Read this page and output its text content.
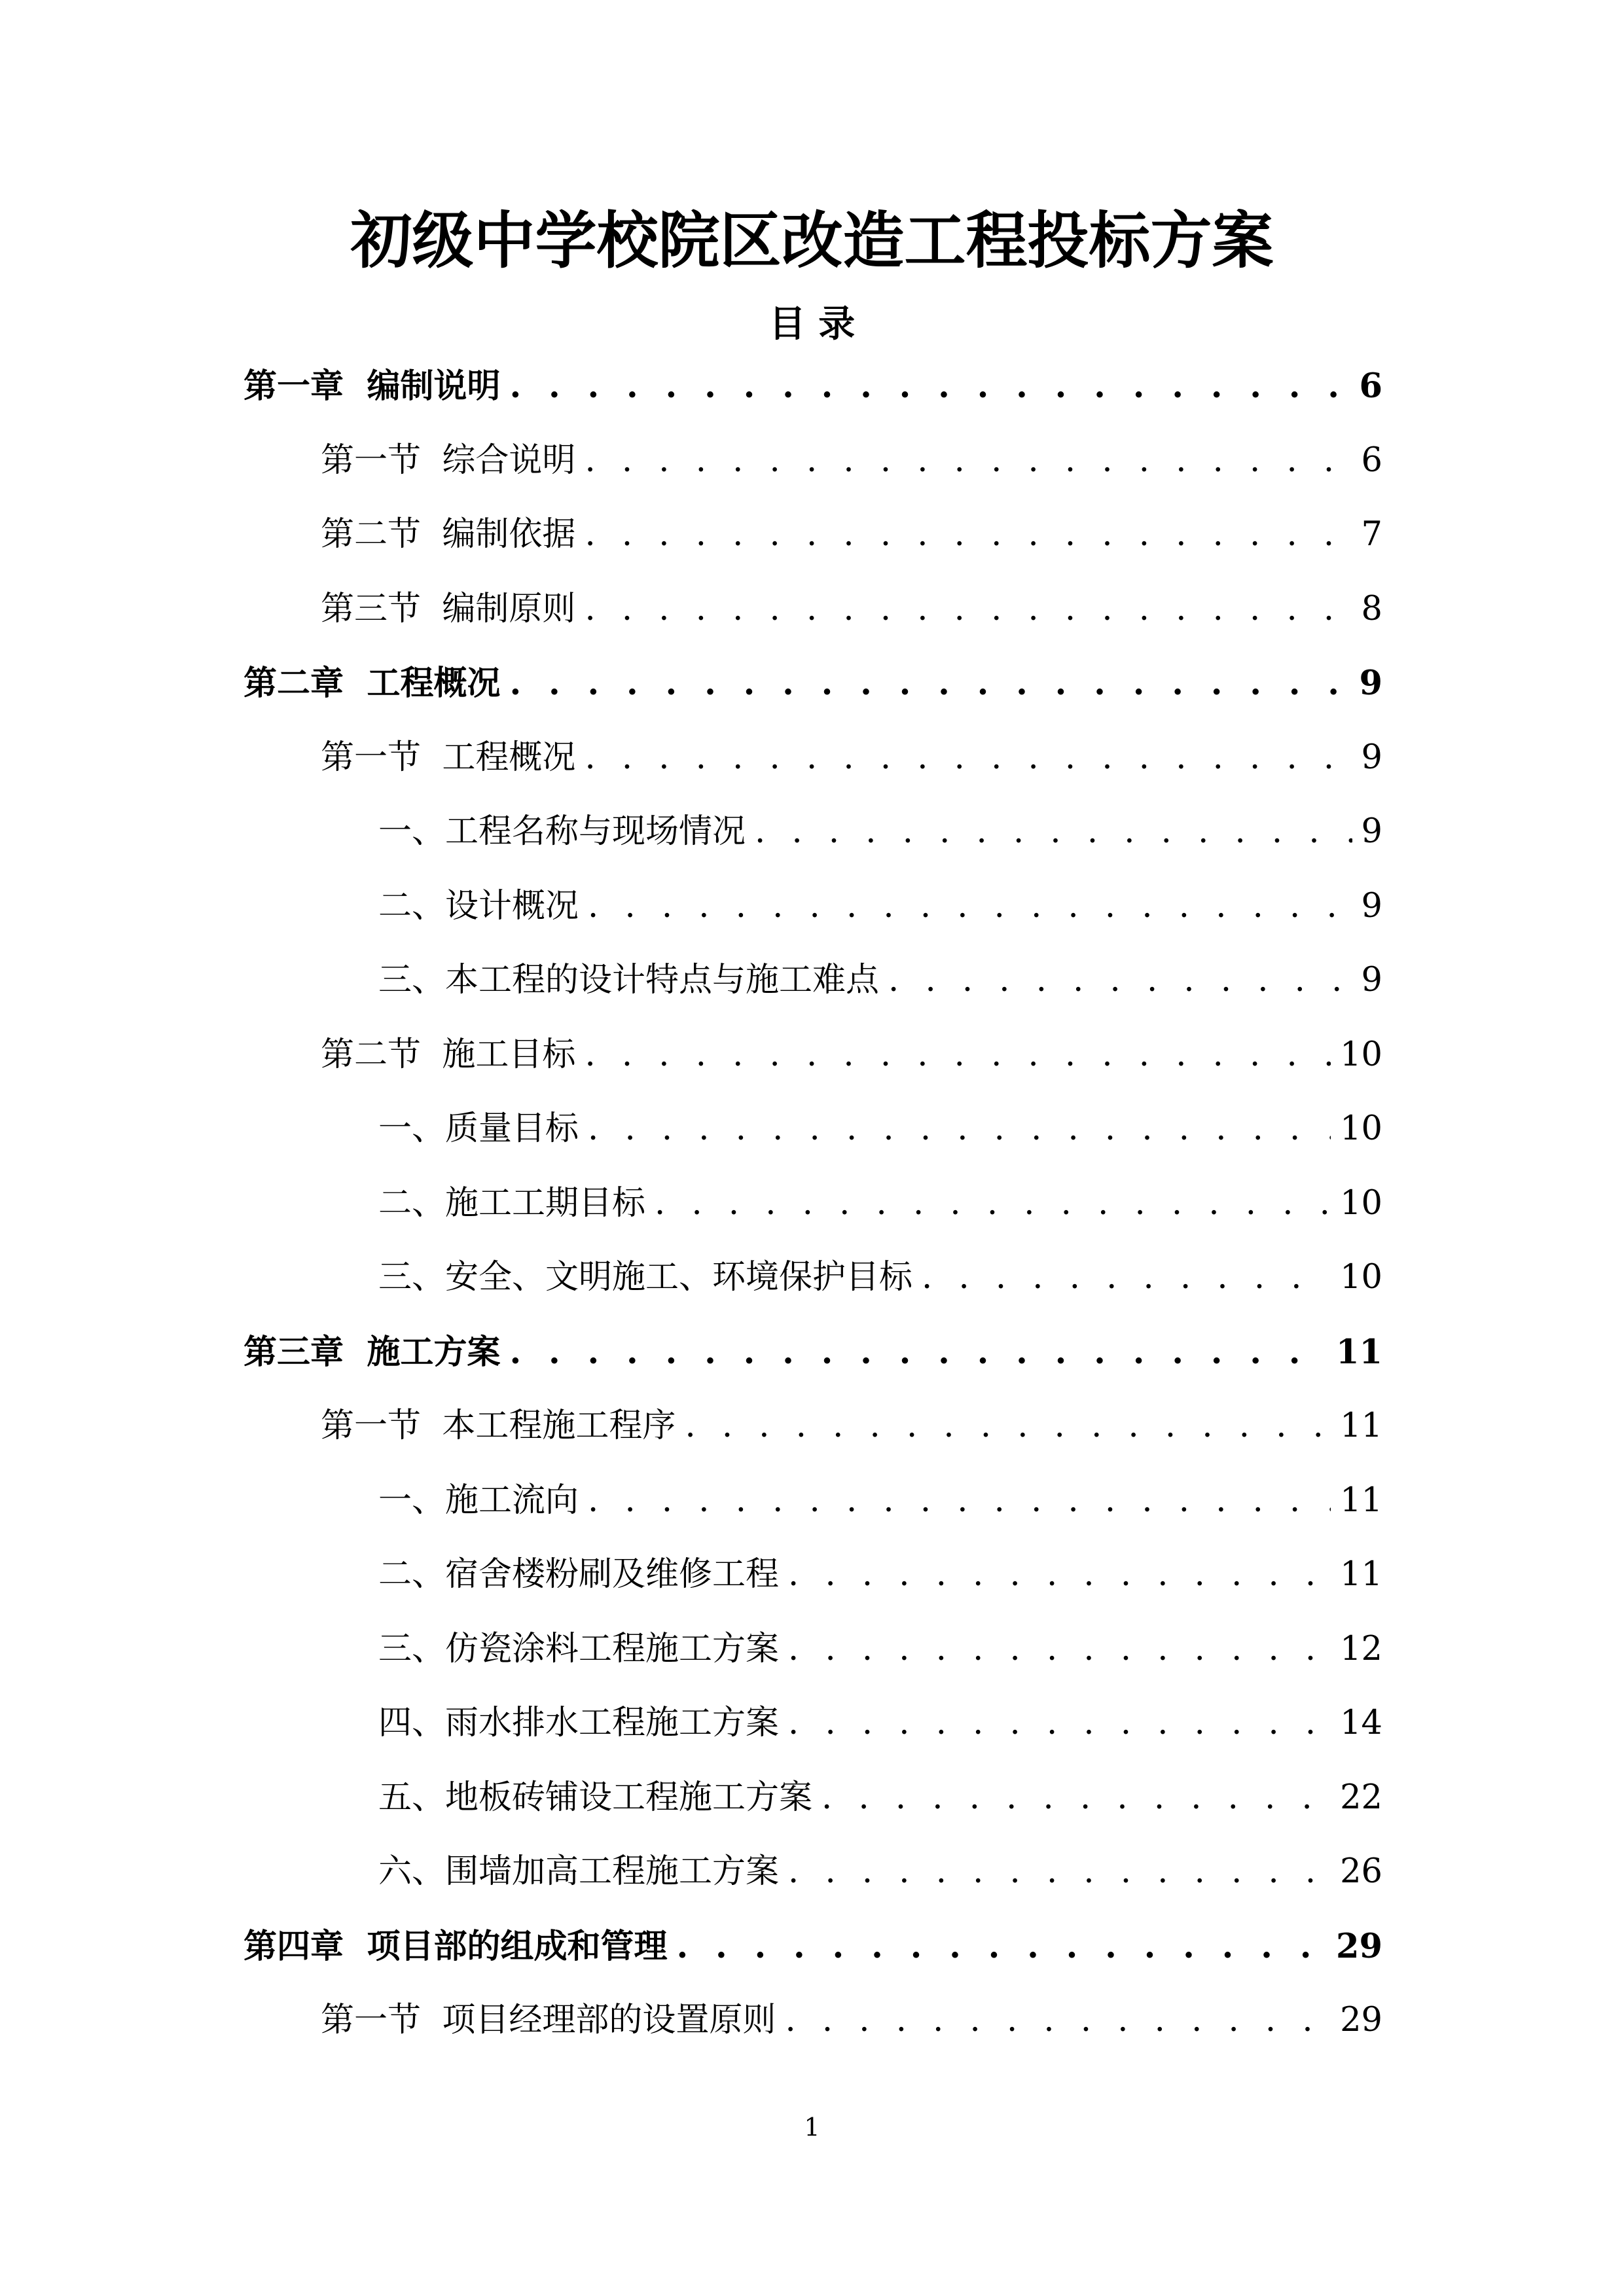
初级中学校院区改造工程投标方案
目 录
第一章  编制说明 . . .	6
第一节  综合说明 . . .	6
第二节  编制依据 . . .	7
第三节  编制原则 . . .	8
第二章  工程概况 . . .	9
第一节  工程概况 . . .	9
一、工程名称与现场情况 . . .	9
二、设计概况 . . .	9
三、本工程的设计特点与施工难点 . . .	9
第二节  施工目标 . . .	10
一、质量目标 . . .	10
二、施工工期目标 . . .	10
三、安全、文明施工、环境保护目标 . . .	10
第三章  施工方案 . . .	11
第一节  本工程施工程序 . . .	11
一、施工流向 . . .	11
二、宿舍楼粉刷及维修工程 . . .	11
三、仿瓷涂料工程施工方案 . . .	12
四、雨水排水工程施工方案 . . .	14
五、地板砖铺设工程施工方案 . . .	22
六、围墙加高工程施工方案 . . .	26
第四章  项目部的组成和管理 . . .	29
第一节  项目经理部的设置原则 . . .	29
1
